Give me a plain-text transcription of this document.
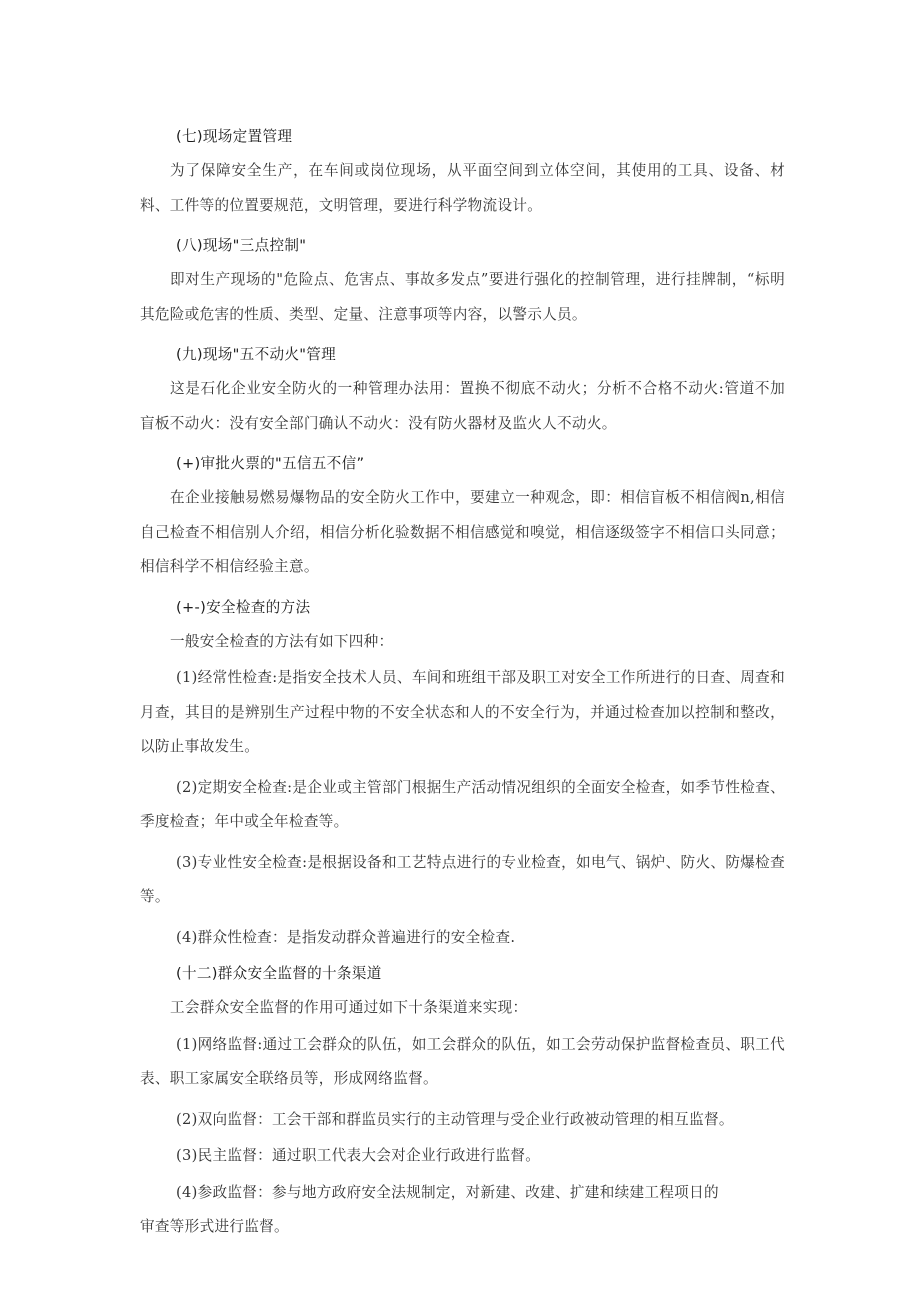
(七)现场定置管理

为了保障安全生产，在车间或岗位现场，从平面空间到立体空间，其使用的工具、设备、材料、工件等的位置要规范，文明管理，要进行科学物流设计。

(八)现场"三点控制"

即对生产现场的"危险点、危害点、事故多发点”要进行强化的控制管理，进行挂牌制，“标明其危险或危害的性质、类型、定量、注意事项等内容，以警示人员。

(九)现场"五不动火"管理

这是石化企业安全防火的一种管理办法用：置换不彻底不动火；分析不合格不动火:管道不加盲板不动火：没有安全部门确认不动火：没有防火器材及监火人不动火。

(+)审批火票的"五信五不信”

在企业接触易燃易爆物品的安全防火工作中，要建立一种观念，即：相信盲板不相信阀n,相信自己检查不相信别人介绍，相信分析化验数据不相信感觉和嗅觉，相信逐级签字不相信口头同意；相信科学不相信经验主意。

(+-)安全检查的方法

一般安全检查的方法有如下四种：

(1)经常性检查:是指安全技术人员、车间和班组干部及职工对安全工作所进行的日查、周查和月查，其目的是辨别生产过程中物的不安全状态和人的不安全行为，并通过检查加以控制和整改，以防止事故发生。

(2)定期安全检查:是企业或主管部门根据生产活动情况组织的全面安全检查，如季节性检查、季度检查；年中或全年检查等。

(3)专业性安全检查:是根据设备和工艺特点进行的专业检查，如电气、锅炉、防火、防爆检查等。

(4)群众性检查：是指发动群众普遍进行的安全检查.

(十二)群众安全监督的十条渠道

工会群众安全监督的作用可通过如下十条渠道来实现：

(1)网络监督:通过工会群众的队伍，如工会群众的队伍，如工会劳动保护监督检查员、职工代表、职工家属安全联络员等，形成网络监督。

(2)双向监督：工会干部和群监员实行的主动管理与受企业行政被动管理的相互监督。

(3)民主监督：通过职工代表大会对企业行政进行监督。

(4)参政监督：参与地方政府安全法规制定，对新建、改建、扩建和续建工程项日的

审查等形式进行监督。
